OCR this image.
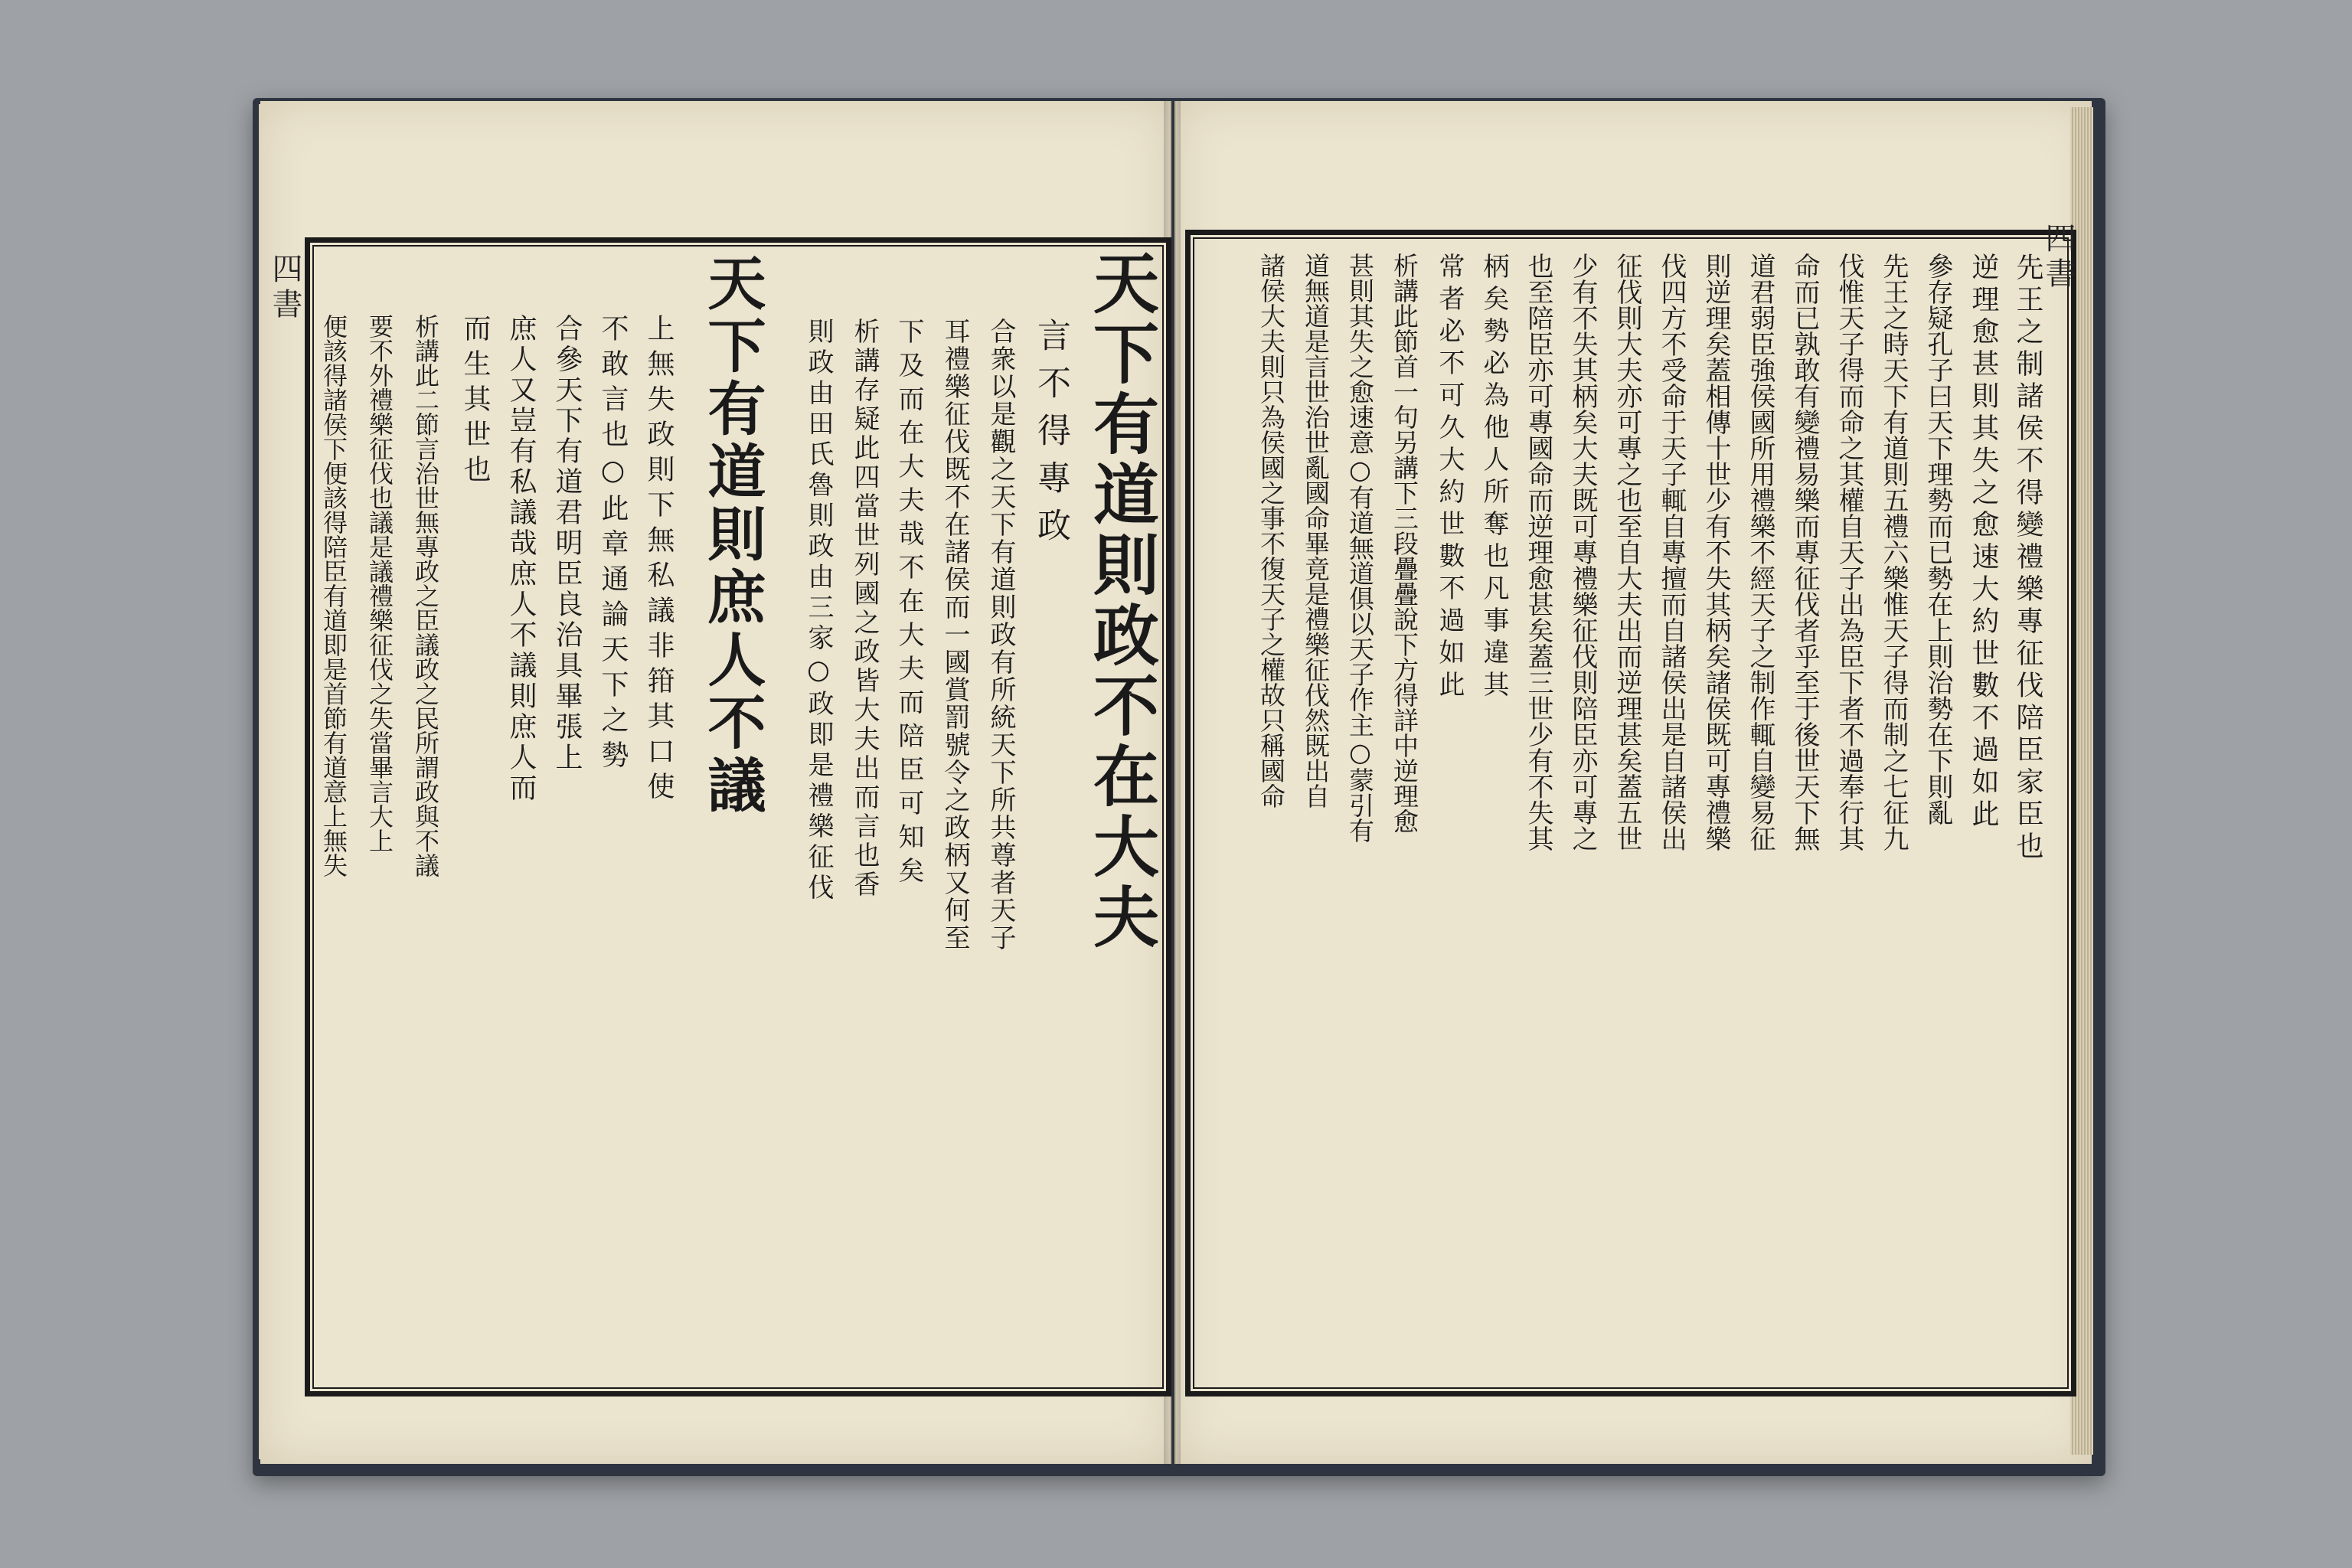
四書	天下有道則政不在大夫
言不得專政
合衆以是觀之天下有道則政有所統天下所共尊者天子
耳禮樂征伐既不在諸侯而一國賞罰號令之政柄又何至
下及而在大夫哉不在大夫而陪臣可知矣
析講存疑此四當世列國之政皆大夫出而言也香
則政由田氏魯則政由三家○政即是禮樂征伐
天下有道則庶人不議
上無失政則下無私議非箝其口使
不敢言也○此章通論天下之勢
合參天下有道君明臣良治具畢張上
庶人又豈有私議哉庶人不議則庶人而
而生其世也
析講此二節言治世無專政之臣議政之民所謂政與不議
要不外禮樂征伐也議是議禮樂征伐之失當畢言大上
便該得諸侯下便該得陪臣有道即是首節有道意上無失
四書
先王之制諸侯不得變禮樂專征伐陪臣家臣也
逆理愈甚則其失之愈速大約世數不過如此
參存疑孔子曰天下理勢而已勢在上則治勢在下則亂
先王之時天下有道則五禮六樂惟天子得而制之七征九
伐惟天子得而命之其權自天子出為臣下者不過奉行其
命而已孰敢有變禮易樂而專征伐者乎至于後世天下無
道君弱臣強侯國所用禮樂不經天子之制作輒自變易征
則逆理矣蓋相傳十世少有不失其柄矣諸侯既可專禮樂
伐四方不受命于天子輒自專擅而自諸侯出是自諸侯出
征伐則大夫亦可專之也至自大夫出而逆理甚矣蓋五世
少有不失其柄矣大夫既可專禮樂征伐則陪臣亦可專之
也至陪臣亦可專國命而逆理愈甚矣蓋三世少有不失其
柄矣勢必為他人所奪也凡事違其
常者必不可久大約世數不過如此
析講此節首一句另講下三段疊疊說下方得詳中逆理愈
甚則其失之愈速意○有道無道俱以天子作主○蒙引有
道無道是言世治世亂國命畢竟是禮樂征伐然既出自
諸侯大夫則只為侯國之事不復天子之權故只稱國命
